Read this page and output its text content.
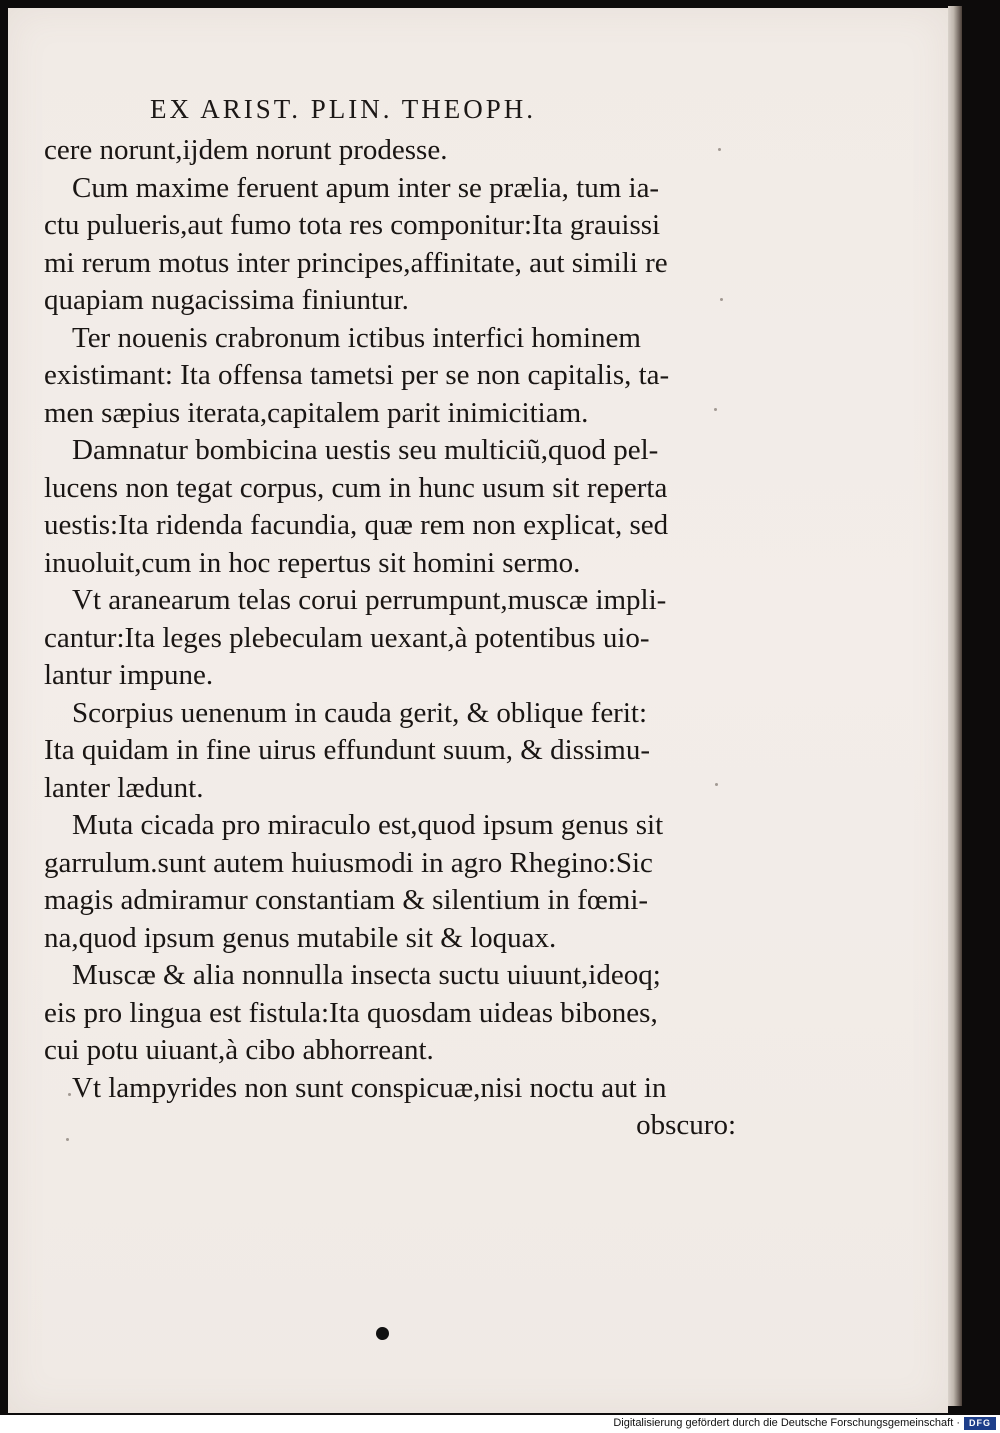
EX ARIST. PLIN. THEOPH.

cere norunt,ijdem norunt prodesse.

Cum maxime feruent apum inter se prælia, tum ia-
ctu pulueris,aut fumo tota res componitur:Ita grauissi
mi rerum motus inter principes,affinitate, aut simili re
quapiam nugacissima finiuntur.

Ter nouenis crabronum ictibus interfici hominem
existimant: Ita offensa tametsi per se non capitalis, ta-
men sæpius iterata,capitalem parit inimicitiam.

Damnatur bombicina uestis seu multiciũ,quod pel-
lucens non tegat corpus, cum in hunc usum sit reperta
uestis:Ita ridenda facundia, quæ rem non explicat, sed
inuoluit,cum in hoc repertus sit homini sermo.

Vt aranearum telas corui perrumpunt,muscæ impli-
cantur:Ita leges plebeculam uexant,à potentibus uio-
lantur impune.

Scorpius uenenum in cauda gerit, & oblique ferit:
Ita quidam in fine uirus effundunt suum, & dissimu-
lanter lædunt.

Muta cicada pro miraculo est,quod ipsum genus sit
garrulum.sunt autem huiusmodi in agro Rhegino:Sic
magis admiramur constantiam & silentium in fœmi-
na,quod ipsum genus mutabile sit & loquax.

Muscæ & alia nonnulla insecta suctu uiuunt,ideoq;
eis pro lingua est fistula:Ita quosdam uideas bibones,
cui potu uiuant,à cibo abhorreant.

Vt lampyrides non sunt conspicuæ,nisi noctu aut in
obscuro:

Digitalisierung gefördert durch die Deutsche Forschungsgemeinschaft ·	DFG
